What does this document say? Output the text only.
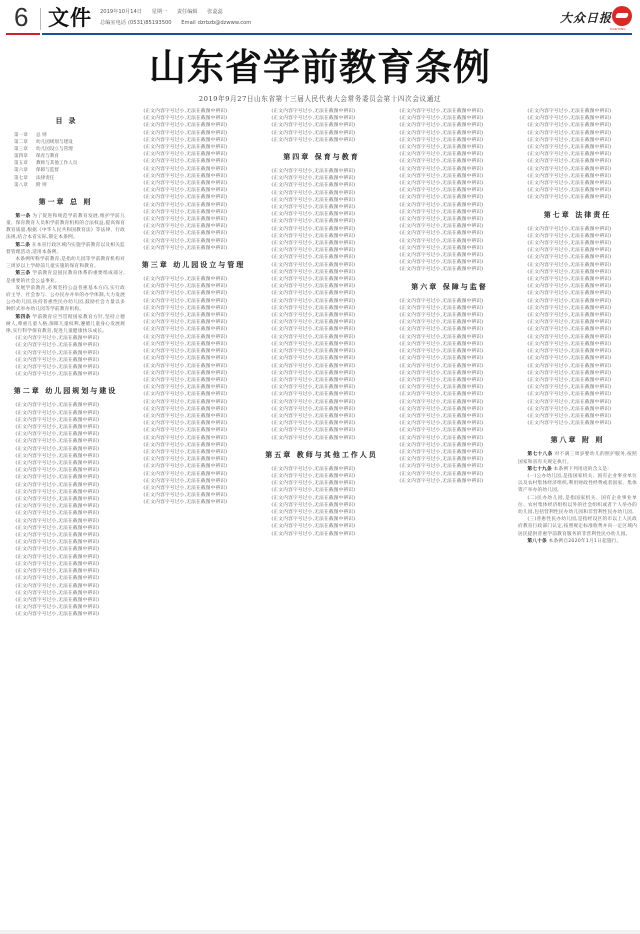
6 文件 2019年10月14日 星期一 责任编辑 张蕊蕊
总编室电话 (0531)85193500 Email dzrbzb@dzwww.com	大众日报
DAZHONG
山东省学前教育条例
2019年9月27日山东省第十三届人民代表大会常务委员会第十四次会议通过
目录
第一章 总 则
第二章 幼儿园规划与建设
第三章 幼儿园设立与管理
第四章 保育与教育
第五章 教师与其他工作人员
第六章 保障与监督
第七章 法律责任
第八章 附 则
第一章 总 则

第一条 为了促进和规范学前教育发展,维护学前儿童、保育教育人员和学前教育机构的合法权益,提高保育教育质量,根据《中华人民共和国教育法》等法律、行政法规,结合本省实际,制定本条例。

第二条 在本省行政区域内实施学前教育以及相关监督管理活动,适用本条例。

本条例所称学前教育,是指幼儿园等学前教育机构对三周岁以上学龄前儿童实施的保育和教育。

第三条 学前教育是国民教育体系的重要组成部分,是重要的社会公益事业。

发展学前教育,必须坚持公益普惠基本方向,实行政府主导、社会参与、公办民办并举的办学体制,大力发展公办幼儿园,扶持普惠性民办幼儿园,鼓励社会力量以多种形式举办幼儿园等学前教育机构。

第四条 学前教育应当贯彻国家教育方针,坚持立德树人,尊重儿童人格,保障儿童权利,遵循儿童身心发展规律,实行科学保育教育,促进儿童健康快乐成长。

(正文内容字号过小,无法在截图中辨识)

(正文内容字号过小,无法在截图中辨识)

(正文内容字号过小,无法在截图中辨识)

(正文内容字号过小,无法在截图中辨识)

(正文内容字号过小,无法在截图中辨识)

(正文内容字号过小,无法在截图中辨识)

第二章 幼儿园规划与建设

(正文内容字号过小,无法在截图中辨识)

(正文内容字号过小,无法在截图中辨识)

(正文内容字号过小,无法在截图中辨识)

(正文内容字号过小,无法在截图中辨识)

(正文内容字号过小,无法在截图中辨识)

(正文内容字号过小,无法在截图中辨识)

(正文内容字号过小,无法在截图中辨识)

(正文内容字号过小,无法在截图中辨识)

(正文内容字号过小,无法在截图中辨识)

(正文内容字号过小,无法在截图中辨识)

(正文内容字号过小,无法在截图中辨识)

(正文内容字号过小,无法在截图中辨识)

(正文内容字号过小,无法在截图中辨识)

(正文内容字号过小,无法在截图中辨识)

(正文内容字号过小,无法在截图中辨识)

(正文内容字号过小,无法在截图中辨识)

(正文内容字号过小,无法在截图中辨识)

(正文内容字号过小,无法在截图中辨识)

(正文内容字号过小,无法在截图中辨识)

(正文内容字号过小,无法在截图中辨识)

(正文内容字号过小,无法在截图中辨识)

(正文内容字号过小,无法在截图中辨识)

(正文内容字号过小,无法在截图中辨识)

(正文内容字号过小,无法在截图中辨识)

(正文内容字号过小,无法在截图中辨识)

(正文内容字号过小,无法在截图中辨识)

(正文内容字号过小,无法在截图中辨识)

(正文内容字号过小,无法在截图中辨识)

(正文内容字号过小,无法在截图中辨识)

(正文内容字号过小,无法在截图中辨识)

(正文内容字号过小,无法在截图中辨识)

(正文内容字号过小,无法在截图中辨识)

(正文内容字号过小,无法在截图中辨识)

(正文内容字号过小,无法在截图中辨识)

(正文内容字号过小,无法在截图中辨识)

(正文内容字号过小,无法在截图中辨识)

(正文内容字号过小,无法在截图中辨识)

(正文内容字号过小,无法在截图中辨识)

(正文内容字号过小,无法在截图中辨识)

(正文内容字号过小,无法在截图中辨识)

(正文内容字号过小,无法在截图中辨识)

(正文内容字号过小,无法在截图中辨识)

(正文内容字号过小,无法在截图中辨识)

(正文内容字号过小,无法在截图中辨识)

(正文内容字号过小,无法在截图中辨识)

(正文内容字号过小,无法在截图中辨识)

(正文内容字号过小,无法在截图中辨识)

(正文内容字号过小,无法在截图中辨识)

(正文内容字号过小,无法在截图中辨识)

(正文内容字号过小,无法在截图中辨识)

第三章 幼儿园设立与管理

(正文内容字号过小,无法在截图中辨识)

(正文内容字号过小,无法在截图中辨识)

(正文内容字号过小,无法在截图中辨识)

(正文内容字号过小,无法在截图中辨识)

(正文内容字号过小,无法在截图中辨识)

(正文内容字号过小,无法在截图中辨识)

(正文内容字号过小,无法在截图中辨识)

(正文内容字号过小,无法在截图中辨识)

(正文内容字号过小,无法在截图中辨识)

(正文内容字号过小,无法在截图中辨识)

(正文内容字号过小,无法在截图中辨识)

(正文内容字号过小,无法在截图中辨识)

(正文内容字号过小,无法在截图中辨识)

(正文内容字号过小,无法在截图中辨识)

(正文内容字号过小,无法在截图中辨识)

(正文内容字号过小,无法在截图中辨识)

(正文内容字号过小,无法在截图中辨识)

(正文内容字号过小,无法在截图中辨识)

(正文内容字号过小,无法在截图中辨识)

(正文内容字号过小,无法在截图中辨识)

(正文内容字号过小,无法在截图中辨识)

(正文内容字号过小,无法在截图中辨识)

(正文内容字号过小,无法在截图中辨识)

(正文内容字号过小,无法在截图中辨识)

(正文内容字号过小,无法在截图中辨识)

(正文内容字号过小,无法在截图中辨识)

(正文内容字号过小,无法在截图中辨识)

(正文内容字号过小,无法在截图中辨识)

(正文内容字号过小,无法在截图中辨识)

(正文内容字号过小,无法在截图中辨识)

(正文内容字号过小,无法在截图中辨识)

(正文内容字号过小,无法在截图中辨识)

(正文内容字号过小,无法在截图中辨识)

(正文内容字号过小,无法在截图中辨识)

(正文内容字号过小,无法在截图中辨识)

(正文内容字号过小,无法在截图中辨识)

(正文内容字号过小,无法在截图中辨识)

第四章 保育与教育

(正文内容字号过小,无法在截图中辨识)

(正文内容字号过小,无法在截图中辨识)

(正文内容字号过小,无法在截图中辨识)

(正文内容字号过小,无法在截图中辨识)

(正文内容字号过小,无法在截图中辨识)

(正文内容字号过小,无法在截图中辨识)

(正文内容字号过小,无法在截图中辨识)

(正文内容字号过小,无法在截图中辨识)

(正文内容字号过小,无法在截图中辨识)

(正文内容字号过小,无法在截图中辨识)

(正文内容字号过小,无法在截图中辨识)

(正文内容字号过小,无法在截图中辨识)

(正文内容字号过小,无法在截图中辨识)

(正文内容字号过小,无法在截图中辨识)

(正文内容字号过小,无法在截图中辨识)

(正文内容字号过小,无法在截图中辨识)

(正文内容字号过小,无法在截图中辨识)

(正文内容字号过小,无法在截图中辨识)

(正文内容字号过小,无法在截图中辨识)

(正文内容字号过小,无法在截图中辨识)

(正文内容字号过小,无法在截图中辨识)

(正文内容字号过小,无法在截图中辨识)

(正文内容字号过小,无法在截图中辨识)

(正文内容字号过小,无法在截图中辨识)

(正文内容字号过小,无法在截图中辨识)

(正文内容字号过小,无法在截图中辨识)

(正文内容字号过小,无法在截图中辨识)

(正文内容字号过小,无法在截图中辨识)

(正文内容字号过小,无法在截图中辨识)

(正文内容字号过小,无法在截图中辨识)

(正文内容字号过小,无法在截图中辨识)

(正文内容字号过小,无法在截图中辨识)

(正文内容字号过小,无法在截图中辨识)

(正文内容字号过小,无法在截图中辨识)

(正文内容字号过小,无法在截图中辨识)

(正文内容字号过小,无法在截图中辨识)

(正文内容字号过小,无法在截图中辨识)

(正文内容字号过小,无法在截图中辨识)

第五章 教师与其他工作人员

(正文内容字号过小,无法在截图中辨识)

(正文内容字号过小,无法在截图中辨识)

(正文内容字号过小,无法在截图中辨识)

(正文内容字号过小,无法在截图中辨识)

(正文内容字号过小,无法在截图中辨识)

(正文内容字号过小,无法在截图中辨识)

(正文内容字号过小,无法在截图中辨识)

(正文内容字号过小,无法在截图中辨识)

(正文内容字号过小,无法在截图中辨识)

(正文内容字号过小,无法在截图中辨识)

(正文内容字号过小,无法在截图中辨识)

(正文内容字号过小,无法在截图中辨识)

(正文内容字号过小,无法在截图中辨识)

(正文内容字号过小,无法在截图中辨识)

(正文内容字号过小,无法在截图中辨识)

(正文内容字号过小,无法在截图中辨识)

(正文内容字号过小,无法在截图中辨识)

(正文内容字号过小,无法在截图中辨识)

(正文内容字号过小,无法在截图中辨识)

(正文内容字号过小,无法在截图中辨识)

(正文内容字号过小,无法在截图中辨识)

(正文内容字号过小,无法在截图中辨识)

(正文内容字号过小,无法在截图中辨识)

(正文内容字号过小,无法在截图中辨识)

(正文内容字号过小,无法在截图中辨识)

(正文内容字号过小,无法在截图中辨识)

(正文内容字号过小,无法在截图中辨识)

(正文内容字号过小,无法在截图中辨识)

(正文内容字号过小,无法在截图中辨识)

(正文内容字号过小,无法在截图中辨识)

(正文内容字号过小,无法在截图中辨识)

(正文内容字号过小,无法在截图中辨识)

(正文内容字号过小,无法在截图中辨识)

第六章 保障与监督

(正文内容字号过小,无法在截图中辨识)

(正文内容字号过小,无法在截图中辨识)

(正文内容字号过小,无法在截图中辨识)

(正文内容字号过小,无法在截图中辨识)

(正文内容字号过小,无法在截图中辨识)

(正文内容字号过小,无法在截图中辨识)

(正文内容字号过小,无法在截图中辨识)

(正文内容字号过小,无法在截图中辨识)

(正文内容字号过小,无法在截图中辨识)

(正文内容字号过小,无法在截图中辨识)

(正文内容字号过小,无法在截图中辨识)

(正文内容字号过小,无法在截图中辨识)

(正文内容字号过小,无法在截图中辨识)

(正文内容字号过小,无法在截图中辨识)

(正文内容字号过小,无法在截图中辨识)

(正文内容字号过小,无法在截图中辨识)

(正文内容字号过小,无法在截图中辨识)

(正文内容字号过小,无法在截图中辨识)

(正文内容字号过小,无法在截图中辨识)

(正文内容字号过小,无法在截图中辨识)

(正文内容字号过小,无法在截图中辨识)

(正文内容字号过小,无法在截图中辨识)

(正文内容字号过小,无法在截图中辨识)

(正文内容字号过小,无法在截图中辨识)

(正文内容字号过小,无法在截图中辨识)

(正文内容字号过小,无法在截图中辨识)

(正文内容字号过小,无法在截图中辨识)

(正文内容字号过小,无法在截图中辨识)

(正文内容字号过小,无法在截图中辨识)

(正文内容字号过小,无法在截图中辨识)

(正文内容字号过小,无法在截图中辨识)

(正文内容字号过小,无法在截图中辨识)

(正文内容字号过小,无法在截图中辨识)

(正文内容字号过小,无法在截图中辨识)

(正文内容字号过小,无法在截图中辨识)

(正文内容字号过小,无法在截图中辨识)

(正文内容字号过小,无法在截图中辨识)

(正文内容字号过小,无法在截图中辨识)

(正文内容字号过小,无法在截图中辨识)

第七章 法律责任

(正文内容字号过小,无法在截图中辨识)

(正文内容字号过小,无法在截图中辨识)

(正文内容字号过小,无法在截图中辨识)

(正文内容字号过小,无法在截图中辨识)

(正文内容字号过小,无法在截图中辨识)

(正文内容字号过小,无法在截图中辨识)

(正文内容字号过小,无法在截图中辨识)

(正文内容字号过小,无法在截图中辨识)

(正文内容字号过小,无法在截图中辨识)

(正文内容字号过小,无法在截图中辨识)

(正文内容字号过小,无法在截图中辨识)

(正文内容字号过小,无法在截图中辨识)

(正文内容字号过小,无法在截图中辨识)

(正文内容字号过小,无法在截图中辨识)

(正文内容字号过小,无法在截图中辨识)

(正文内容字号过小,无法在截图中辨识)

(正文内容字号过小,无法在截图中辨识)

(正文内容字号过小,无法在截图中辨识)

(正文内容字号过小,无法在截图中辨识)

(正文内容字号过小,无法在截图中辨识)

(正文内容字号过小,无法在截图中辨识)

(正文内容字号过小,无法在截图中辨识)

(正文内容字号过小,无法在截图中辨识)

(正文内容字号过小,无法在截图中辨识)

(正文内容字号过小,无法在截图中辨识)

(正文内容字号过小,无法在截图中辨识)

(正文内容字号过小,无法在截图中辨识)

(正文内容字号过小,无法在截图中辨识)

第八章 附 则

第七十八条 对不满三周岁婴幼儿的照护服务,按照国家和省有关规定执行。

第七十九条 本条例下列用语的含义是:

(一)公办幼儿园,是指国家机关、国有企业事业单位以及农村集体经济组织,利用财政性经费或者国家、集体资产举办的幼儿园。

(二)民办幼儿园,是指国家机关、国有企业事业单位、农村集体经济组织以外的社会组织或者个人举办的幼儿园,包括营利性民办幼儿园和非营利性民办幼儿园。

(三)普惠性民办幼儿园,是指经设区的市以上人民政府教育行政部门认定,按照规定标准收费并向一定区域内居民提供普惠学前教育服务的非营利性民办幼儿园。

第八十条 本条例自2020年1月1日起施行。
